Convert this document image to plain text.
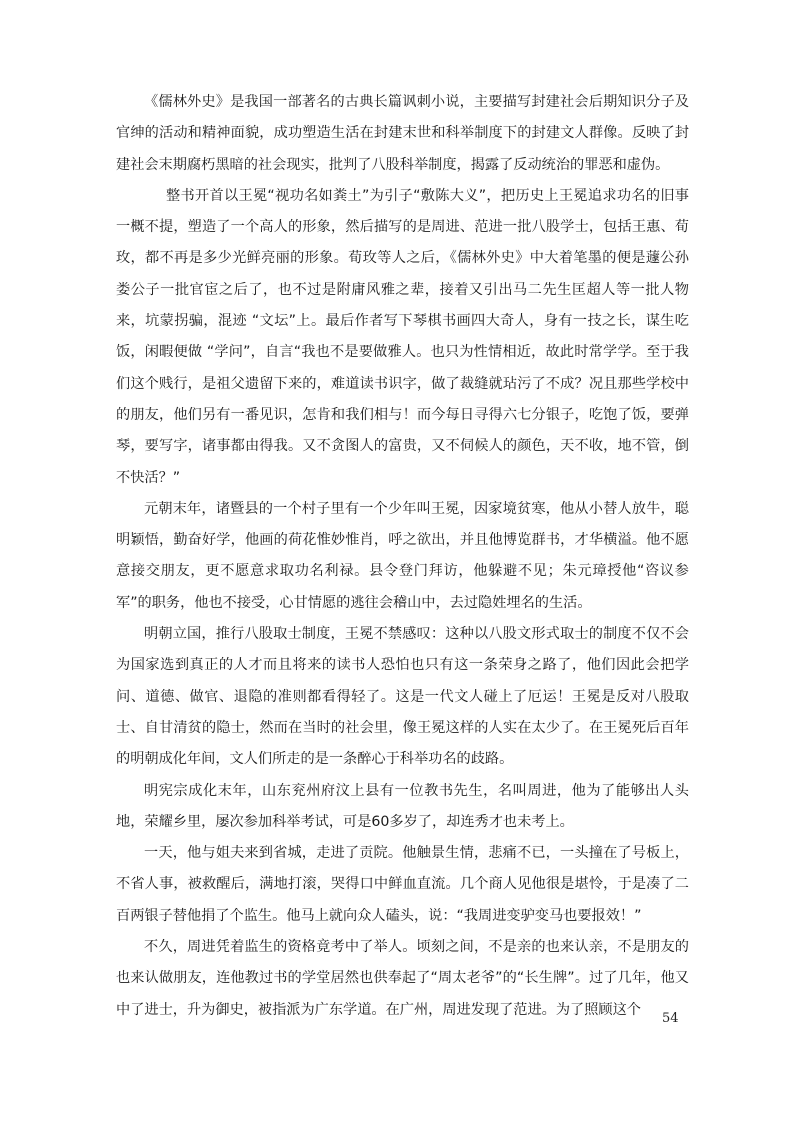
《儒林外史》是我国一部著名的古典长篇讽刺小说，主要描写封建社会后期知识分子及官绅的活动和精神面貌，成功塑造生活在封建末世和科举制度下的封建文人群像。反映了封建社会末期腐朽黑暗的社会现实，批判了八股科举制度，揭露了反动统治的罪恶和虚伪。

整书开首以王冕“视功名如粪土”为引子“敷陈大义”，把历史上王冕追求功名的旧事一概不提，塑造了一个高人的形象，然后描写的是周进、范进一批八股学士，包括王惠、荀玫，都不再是多少光鲜亮丽的形象。荀玫等人之后，《儒林外史》中大着笔墨的便是蘧公孙娄公子一批官宦之后了，也不过是附庸风雅之辈，接着又引出马二先生匡超人等一批人物来，坑蒙拐骗，混迹 “文坛”上。最后作者写下琴棋书画四大奇人，身有一技之长，谋生吃饭，闲暇便做 “学问”，自言“我也不是要做雅人。也只为性情相近，故此时常学学。至于我们这个贱行，是祖父遗留下来的，难道读书识字，做了裁缝就玷污了不成？况且那些学校中的朋友，他们另有一番见识，怎肯和我们相与！而今每日寻得六七分银子，吃饱了饭，要弹琴，要写字，诸事都由得我。又不贪图人的富贵，又不伺候人的颜色，天不收，地不管，倒不快活？”

元朝末年，诸暨县的一个村子里有一个少年叫王冕，因家境贫寒，他从小替人放牛，聪明颖悟，勤奋好学，他画的荷花惟妙惟肖，呼之欲出，并且他博览群书，才华横溢。他不愿意接交朋友，更不愿意求取功名利禄。县令登门拜访，他躲避不见；朱元璋授他“咨议参军”的职务，他也不接受，心甘情愿的逃往会稽山中，去过隐姓埋名的生活。

明朝立国，推行八股取士制度，王冕不禁感叹：这种以八股文形式取士的制度不仅不会为国家选到真正的人才而且将来的读书人恐怕也只有这一条荣身之路了，他们因此会把学问、道德、做官、退隐的准则都看得轻了。这是一代文人碰上了厄运！王冕是反对八股取士、自甘清贫的隐士，然而在当时的社会里，像王冕这样的人实在太少了。在王冕死后百年的明朝成化年间，文人们所走的是一条醉心于科举功名的歧路。

明宪宗成化末年，山东兖州府汶上县有一位教书先生，名叫周进，他为了能够出人头地，荣耀乡里，屡次参加科举考试，可是60多岁了，却连秀才也未考上。

一天，他与姐夫来到省城，走进了贡院。他触景生情，悲痛不已，一头撞在了号板上，不省人事，被救醒后，满地打滚，哭得口中鲜血直流。几个商人见他很是堪怜，于是凑了二百两银子替他捐了个监生。他马上就向众人磕头，说：“我周进变驴变马也要报效！”

不久，周进凭着监生的资格竟考中了举人。顷刻之间，不是亲的也来认亲，不是朋友的也来认做朋友，连他教过书的学堂居然也供奉起了“周太老爷”的“长生牌”。过了几年，他又中了进士，升为御史，被指派为广东学道。在广州，周进发现了范进。为了照顾这个

54
